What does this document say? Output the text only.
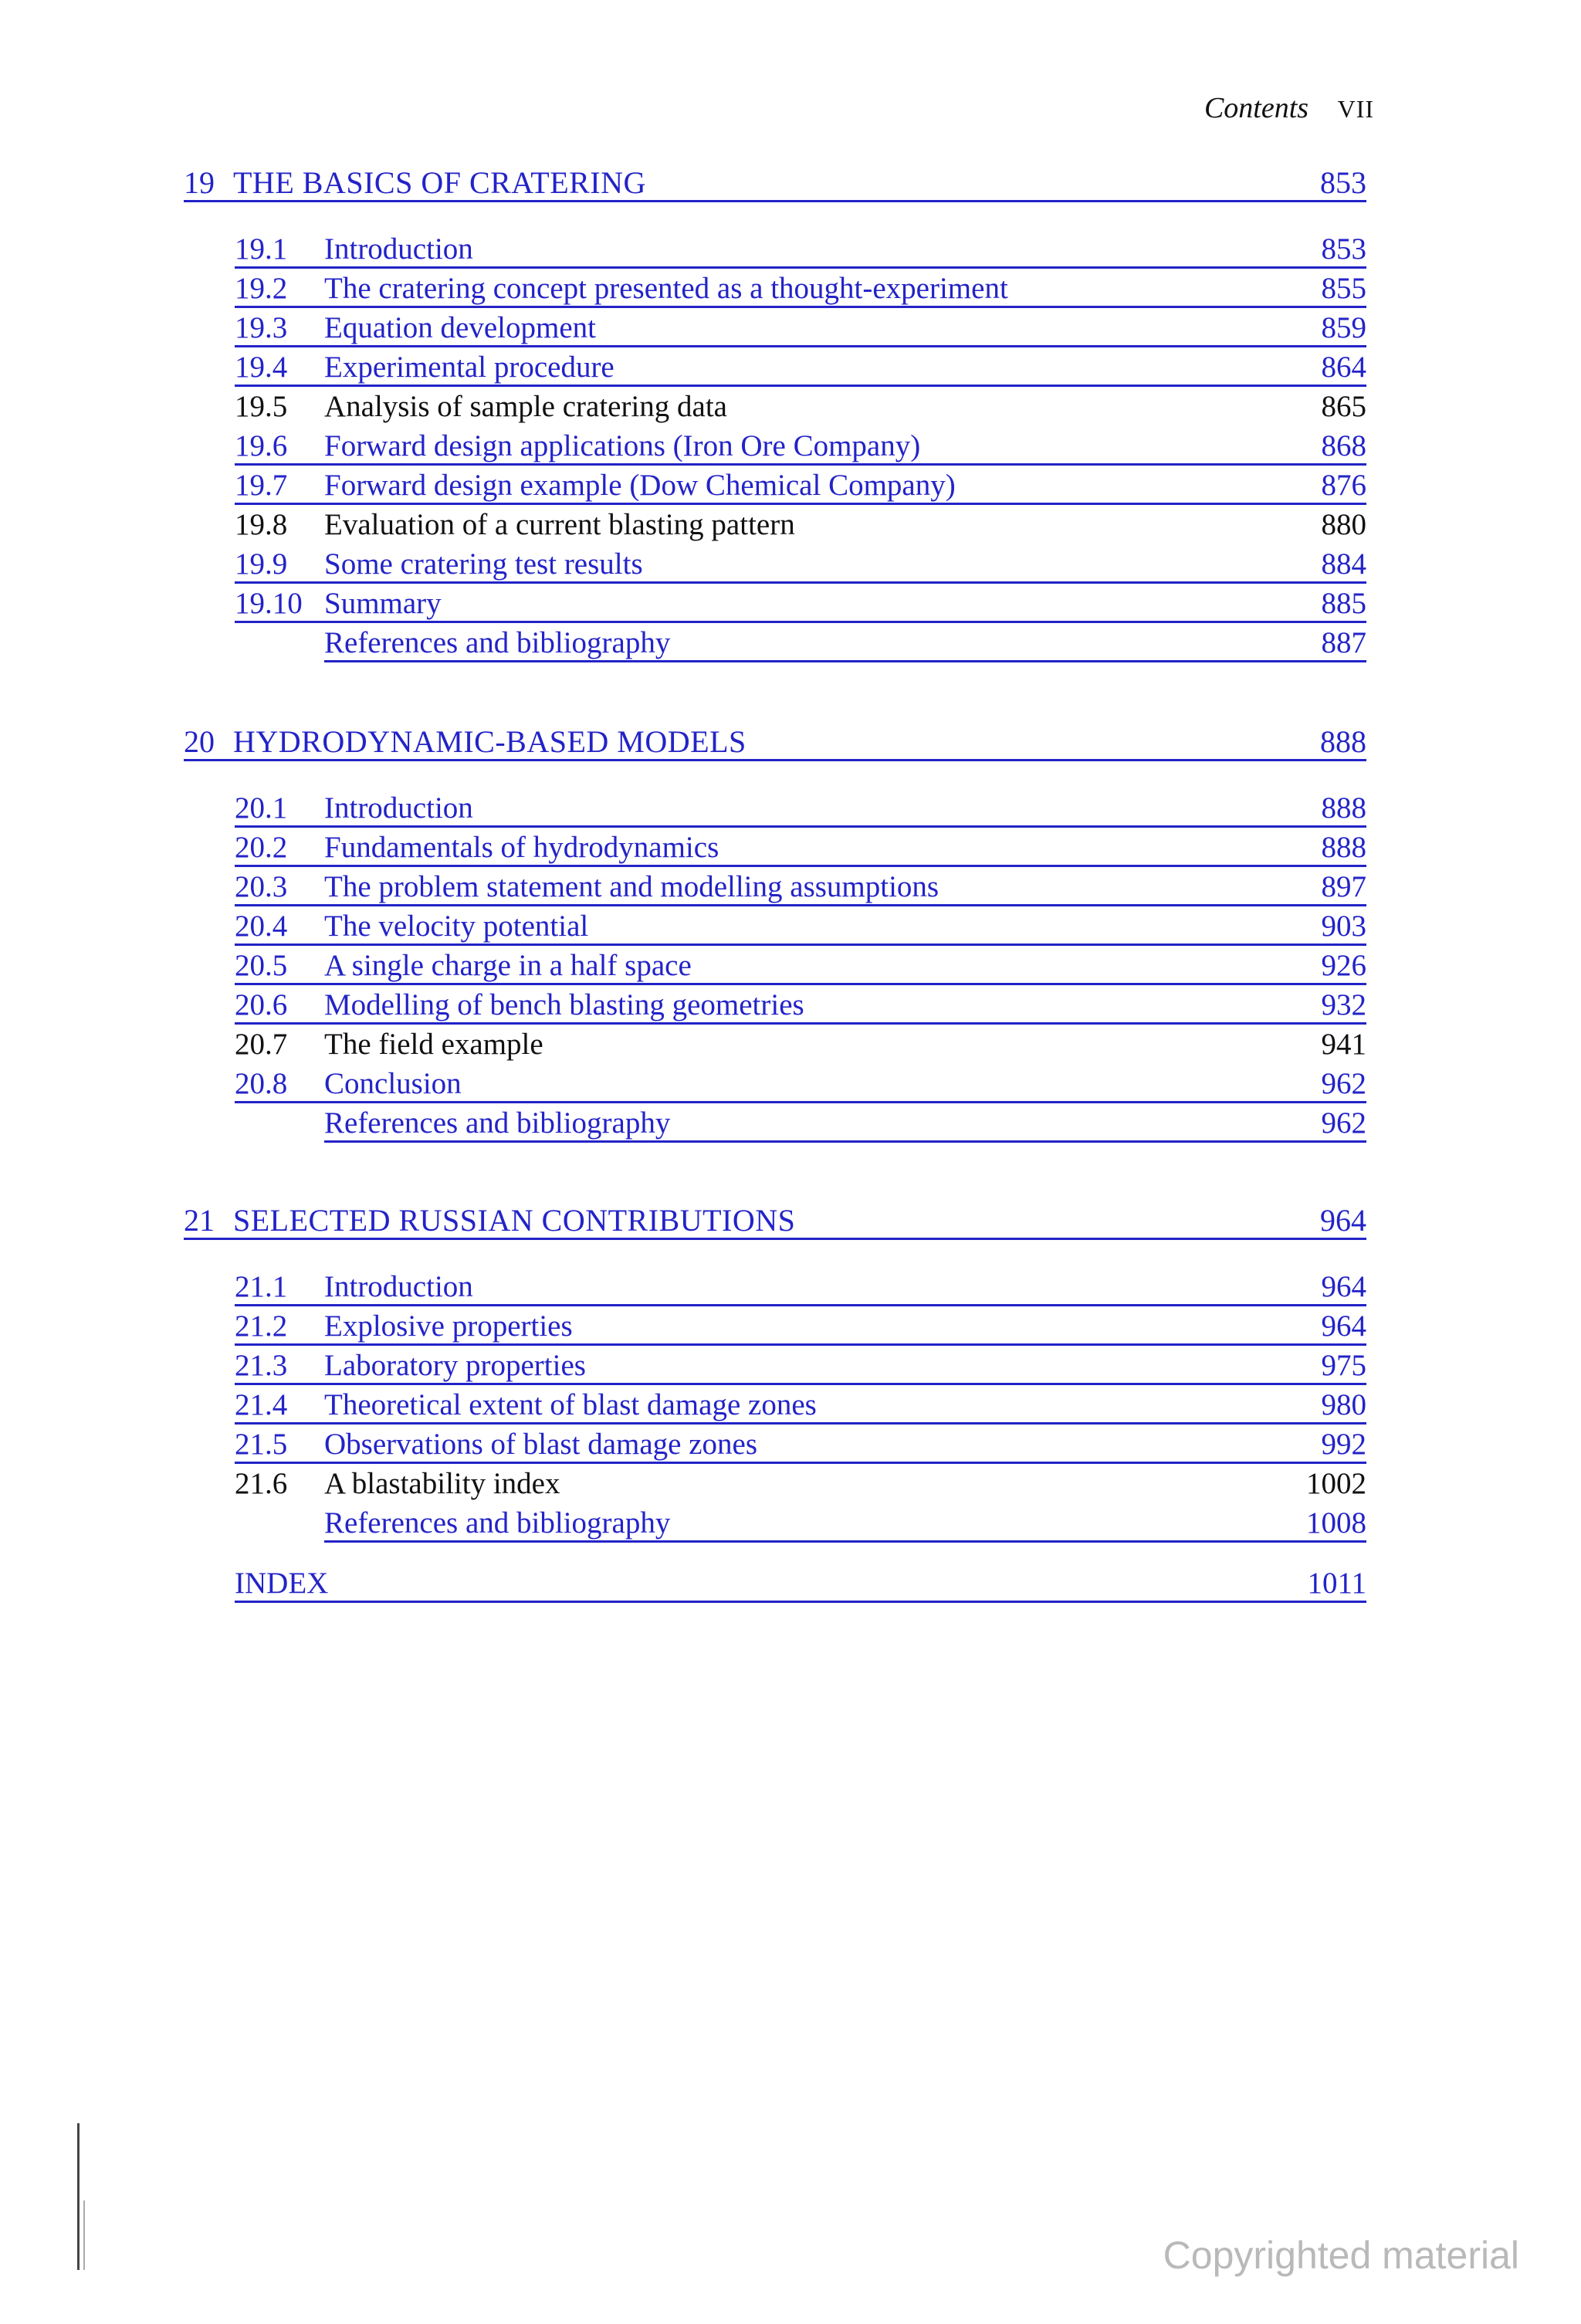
Contents VII
19 THE BASICS OF CRATERING	853
19.1	Introduction	853
19.2	The cratering concept presented as a thought-experiment	855
19.3	Equation development	859
19.4	Experimental procedure	864
19.5	Analysis of sample cratering data	865
19.6	Forward design applications (Iron Ore Company)	868
19.7	Forward design example (Dow Chemical Company)	876
19.8	Evaluation of a current blasting pattern	880
19.9	Some cratering test results	884
19.10 Summary	885
References and bibliography	887
20 HYDRODYNAMIC-BASED MODELS	888
20.1	Introduction	888
20.2	Fundamentals of hydrodynamics	888
20.3	The problem statement and modelling assumptions	897
20.4	The velocity potential	903
20.5	A single charge in a half space	926
20.6	Modelling of bench blasting geometries	932
20.7	The field example	941
20.8	Conclusion	962
References and bibliography	962
21 SELECTED RUSSIAN CONTRIBUTIONS	964
21.1	Introduction	964
21.2	Explosive properties	964
21.3	Laboratory properties	975
21.4	Theoretical extent of blast damage zones	980
21.5	Observations of blast damage zones	992
21.6	A blastability index	1002
References and bibliography	1008
INDEX	1011
Copyrighted material
